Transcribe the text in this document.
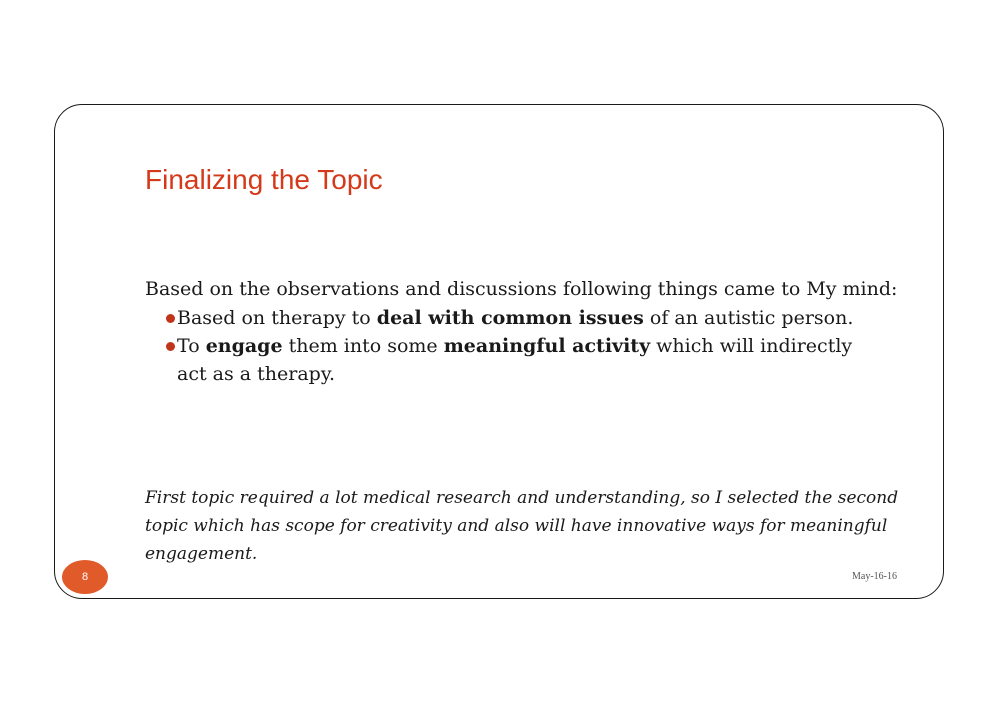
Finalizing the Topic
Based on the observations and discussions following things came to My mind:
Based on therapy to deal with common issues of an autistic person.
To engage them into some meaningful activity which will indirectly act as a therapy.
First topic required a lot medical research and understanding, so I selected the second topic which has scope for creativity and also will have innovative ways for meaningful engagement.
8	May-16-16
